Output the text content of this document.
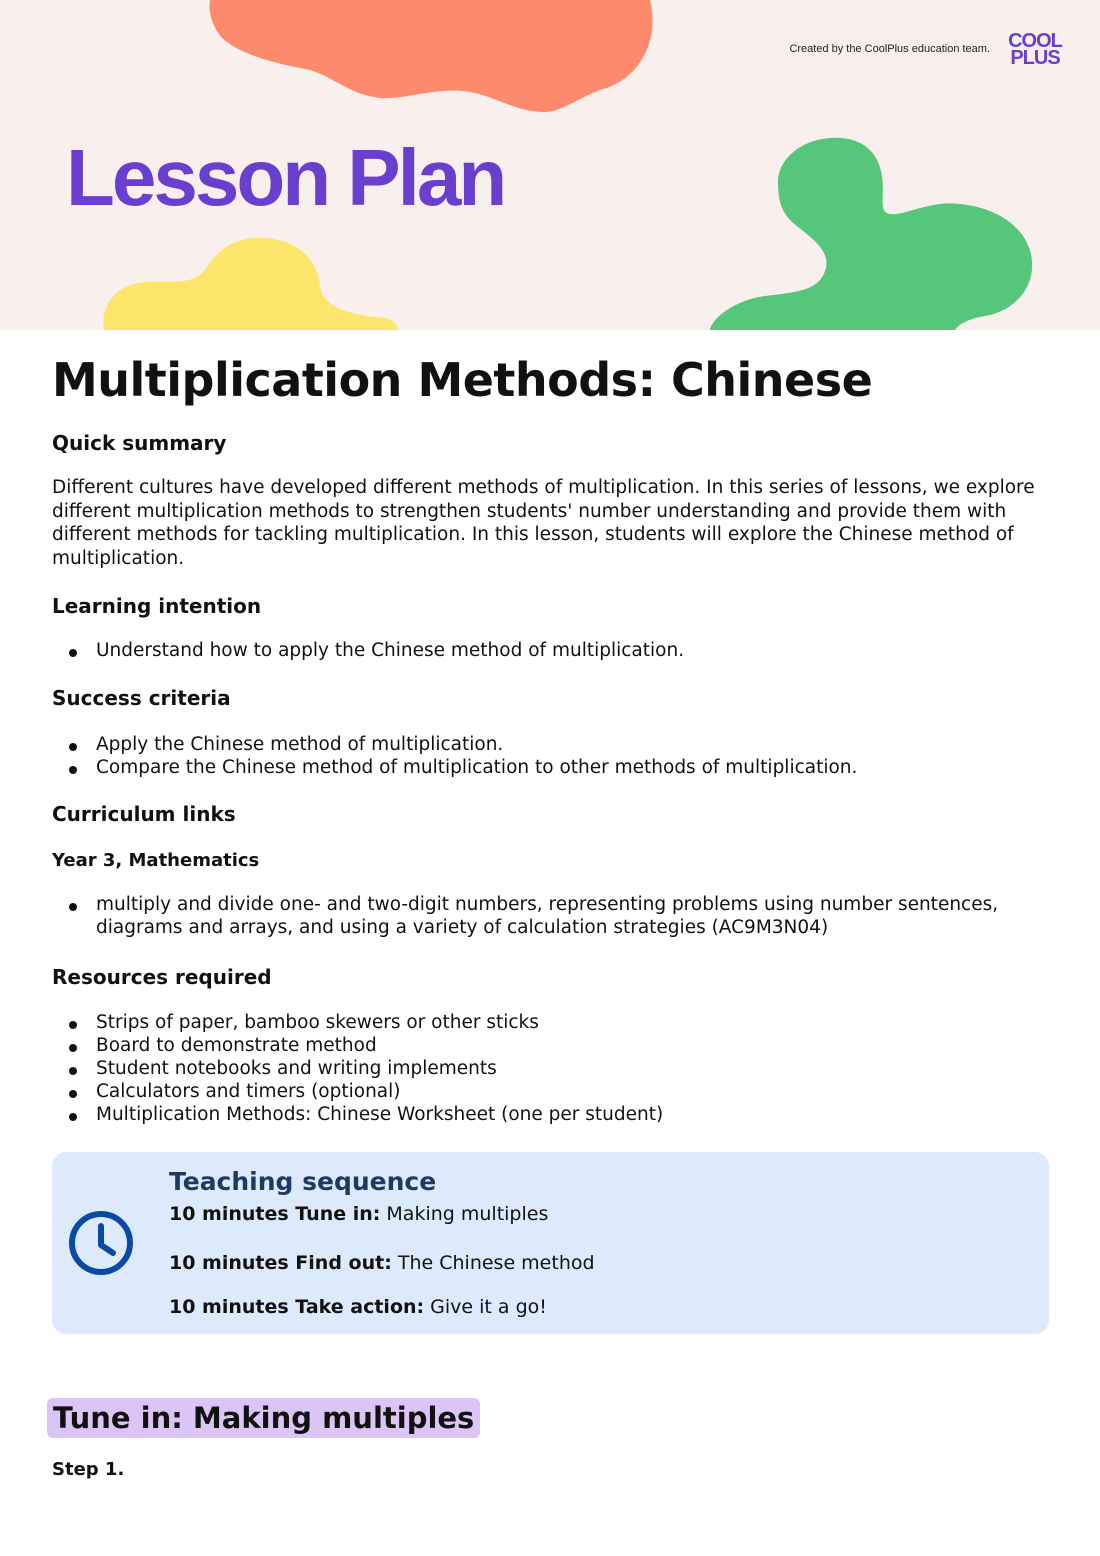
Created by the CoolPlus education team. COOL
PLUS
Lesson Plan
Multiplication Methods: Chinese
Quick summary

Different cultures have developed different methods of multiplication. In this series of lessons, we explore different multiplication methods to strengthen students' number understanding and provide them with different methods for tackling multiplication. In this lesson, students will explore the Chinese method of multiplication.

Learning intention
Understand how to apply the Chinese method of multiplication.
Success criteria
Apply the Chinese method of multiplication.
Compare the Chinese method of multiplication to other methods of multiplication.
Curriculum links
Year 3, Mathematics
multiply and divide one- and two-digit numbers, representing problems using number sentences, diagrams and arrays, and using a variety of calculation strategies (AC9M3N04)
Resources required
Strips of paper, bamboo skewers or other sticks
Board to demonstrate method
Student notebooks and writing implements
Calculators and timers (optional)
Multiplication Methods: Chinese Worksheet (one per student)
Teaching sequence
10 minutes Tune in: Making multiples
10 minutes Find out: The Chinese method
10 minutes Take action: Give it a go!
Tune in: Making multiples
Step 1.
